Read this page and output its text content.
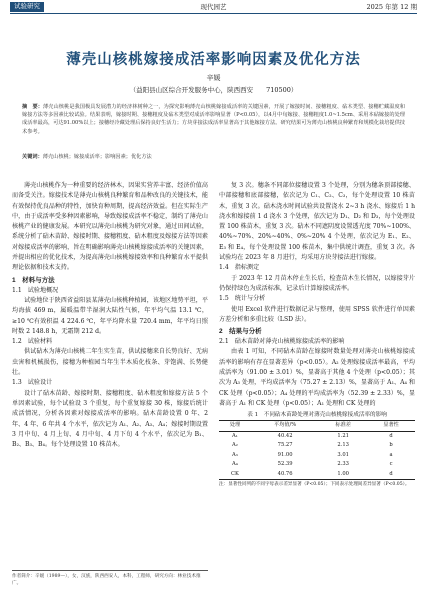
试验研究	现代园艺	2025 年第 12 期
薄壳山核桃嫁接成活率影响因素及优化方法
辛媛
（益阳县山区综合开发服务中心，陕西西安　　710500）
摘　要：薄壳山核桃是我国极具发展潜力的经济林树种之一，为探究影响薄壳山核桃嫁接成活率的关键因素，开展了嫁接时间、接穗粗度、砧木类型、接穗贮藏温度和嫁接方法等多因素比较试验。结果表明，嫁接时期、接穗粗度及砧木类型对成活率影响显著（P<0.05），以4月中旬嫁接、接穗粗度1.0~1.5cm、采用本砧嫁接的处理成活率最高，可达91.00%以上；接穗经冷藏处理后保持良好生活力；方块芽接法成活率显著高于其他嫁接方法。研究结果可为薄壳山核桃良种繁育和规模化栽培提供技术参考。
关键词：薄壳山核桃；嫁接成活率；影响因素；优化方法

薄壳山核桃作为一种重要的经济林木，因果实营养丰富、经济价值高而备受关注。嫁接技术是薄壳山核桃良种繁育和品种改良的关键技术，能有效保持优良品种的特性，加快育种周期，提高经济效益。但在实际生产中，由于成活率受多种因素影响，导致嫁接成活率不稳定，制约了薄壳山核桃产业的健康发展。本研究以薄壳山核桃为研究对象，通过田间试验，系统分析了砧木苗龄、嫁接时期、接穗粗度、砧木粗度及嫁接方法等因素对嫁接成活率的影响，旨在明确影响薄壳山核桃嫁接成活率的关键因素，并提出相应的优化技术，为提高薄壳山核桃嫁接效率和良种繁育水平提供理论依据和技术支持。

1　材料与方法
1.1　试验地概况

试验地位于陕西省益阳县某薄壳山核桃种植园，该地区地势平坦，平均海拔 469 m，属暖温带半湿润大陆性气候，年平均气温 13.1 ℃，≥10 ℃有效积温 4 224.6 ℃，年平均降水量 720.4 mm，年平均日照时数 2 148.8 h，无霜期 212 d。

1.2　试验材料

供试砧木为薄壳山核桃二年生实生苗，供试接穗来自长势良好、无病虫害和机械损伤，接穗为种植园当年生半木质化枝条、芽饱满、长势健壮。

1.3　试验设计

设计了砧木苗龄、嫁接时期、接穗粗度、砧木粗度和嫁接方法 5 个单因素试验，每个试验设 3 个重复，每个重复嫁接 30 株，嫁接后统计成活情况，分析各因素对嫁接成活率的影响。砧木苗龄设置 0 年、2 年、4 年、6 年共 4 个水平，依次记为 A₁、A₂、A₃、A₄；嫁接时期设置 3 月中旬、4 月上旬、4 月中旬、4 月下旬 4 个水平，依次记为 B₁、B₂、B₃、B₄。每个处理设置 10 株苗木。

作者简介：辛媛（1989—），女，汉族，陕西西安人，本科，工程师，研究方向：林业技术推广。

复 3 次。穗条不同部位接穗设置 3 个处理，分别为穗条顶部接穗、中部接穗和底部接穗，依次记为 C₁、C₂、C₃，每个处理设置 10 株苗木，重复 3 次。砧木浇水时间试验共设置浇水 2~3 h 浇水、嫁接后 1 h 浇水和嫁接前 1 d 浇水 3 个处理，依次记为 D₁、D₂ 和 D₃，每个处理设置 100 株苗木，重复 3 次。砧木不同遮阴度设置透光度 70%~100%、40%~70%、20%~40%、0%~20% 4 个处理，依次记为 E₁、E₂、E₃ 和 E₄，每个处理设置 100 株苗木，集中供统计调查，重复 3 次。各试验均在 2023 年 8 月进行，均采用方块芽接法进行嫁接。

1.4　指标测定

于 2023 年 12 月苗木停止生长后，检查苗木生长情况，以嫁接芽片仍保持绿色为成活标准，记录后计算嫁接成活率。

1.5　统计与分析

使用 Excel 软件进行数据记录与整理，使用 SPSS 软件进行单因素方差分析和多重比较（LSD 法）。

2　结果与分析
2.1　砧木苗龄对薄壳山核桃嫁接成活率的影响

由表 1 可知，不同砧木苗龄在嫁接时数量处理对薄壳山核桃嫁接成活率的影响有存在显著差异（p<0.05）。A₂ 处理嫁接成活率最高，平均成活率为（91.00 ± 3.01）%，显著高于其他 4 个处理（p<0.05）；其次为 A₃ 处理，平均成活率为（75.27 ± 2.13）%，显著高于 A₁、A₄ 和 CK 处理（p<0.05）；A₄ 处理的平均成活率为（52.39 ± 2.33）%，显著高于 A₁ 和 CK 处理（p<0.05）；A₁ 处理和 CK 处理的

表 1　不同砧木苗龄处理对薄壳山核桃嫁接成活率的影响
处理	平均值/%	标准差	显著性
A₁	40.42	1.21	d
A₂	75.27	2.13	b
A₃	91.00	3.01	a
A₄	52.39	2.33	c
CK	40.76	1.00	d
注：显著性同列的不同字母表示差异显著（P<0.05）；下同表示处理间差异显著（P<0.05）。
